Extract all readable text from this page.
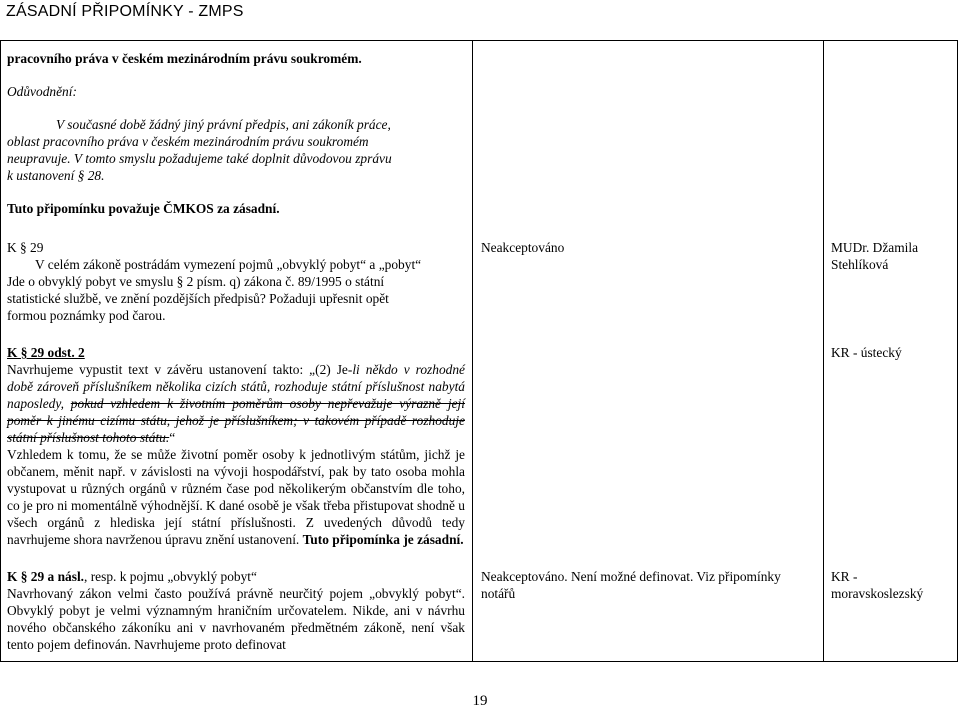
ZÁSADNÍ PŘIPOMÍNKY - ZMPS

pracovního práva v českém mezinárodním právu soukromém.

Odůvodnění:

V současné době žádný jiný právní předpis, ani zákoník práce,

oblast pracovního práva v českém mezinárodním právu soukromém

neupravuje. V tomto smyslu požadujeme také doplnit důvodovou zprávu

k ustanovení § 28.

Tuto připomínku považuje ČMKOS za zásadní.

K § 29

V celém zákoně postrádám vymezení pojmů „obvyklý pobyt“ a „pobyt“

Jde o obvyklý pobyt ve smyslu § 2 písm. q) zákona č. 89/1995 o státní

statistické službě, ve znění pozdějších předpisů? Požaduji upřesnit opět

formou poznámky pod čarou.

Neakceptováno	MUDr. Džamila Stehlíková

K § 29 odst. 2

Navrhujeme vypustit text v závěru ustanovení takto: „(2) Je-li někdo v rozhodné době zároveň příslušníkem několika cizích států, rozhoduje státní příslušnost nabytá naposledy, pokud vzhledem k životním poměrům osoby nepřevažuje výrazně její poměr k jinému cizímu státu, jehož je příslušníkem; v takovém případě rozhoduje státní příslušnost tohoto státu.“

Vzhledem k tomu, že se může životní poměr osoby k jednotlivým státům, jichž je občanem, měnit např. v závislosti na vývoji hospodářství, pak by tato osoba mohla vystupovat u různých orgánů v různém čase pod několikerým občanstvím dle toho, co je pro ni momentálně výhodnější. K dané osobě je však třeba přistupovat shodně u všech orgánů z hlediska její státní příslušnosti. Z uvedených důvodů tedy navrhujeme shora navrženou úpravu znění ustanovení. Tuto připomínka je zásadní.

KR - ústecký

K § 29 a násl., resp. k pojmu „obvyklý pobyt“

Navrhovaný zákon velmi často používá právně neurčitý pojem „obvyklý pobyt“. Obvyklý pobyt je velmi významným hraničním určovatelem. Nikde, ani v návrhu nového občanského zákoníku ani v navrhovaném předmětném zákoně, není však tento pojem definován. Navrhujeme proto definovat

Neakceptováno. Není možné definovat. Viz připomínky notářů

KR -

moravskoslezský

19
